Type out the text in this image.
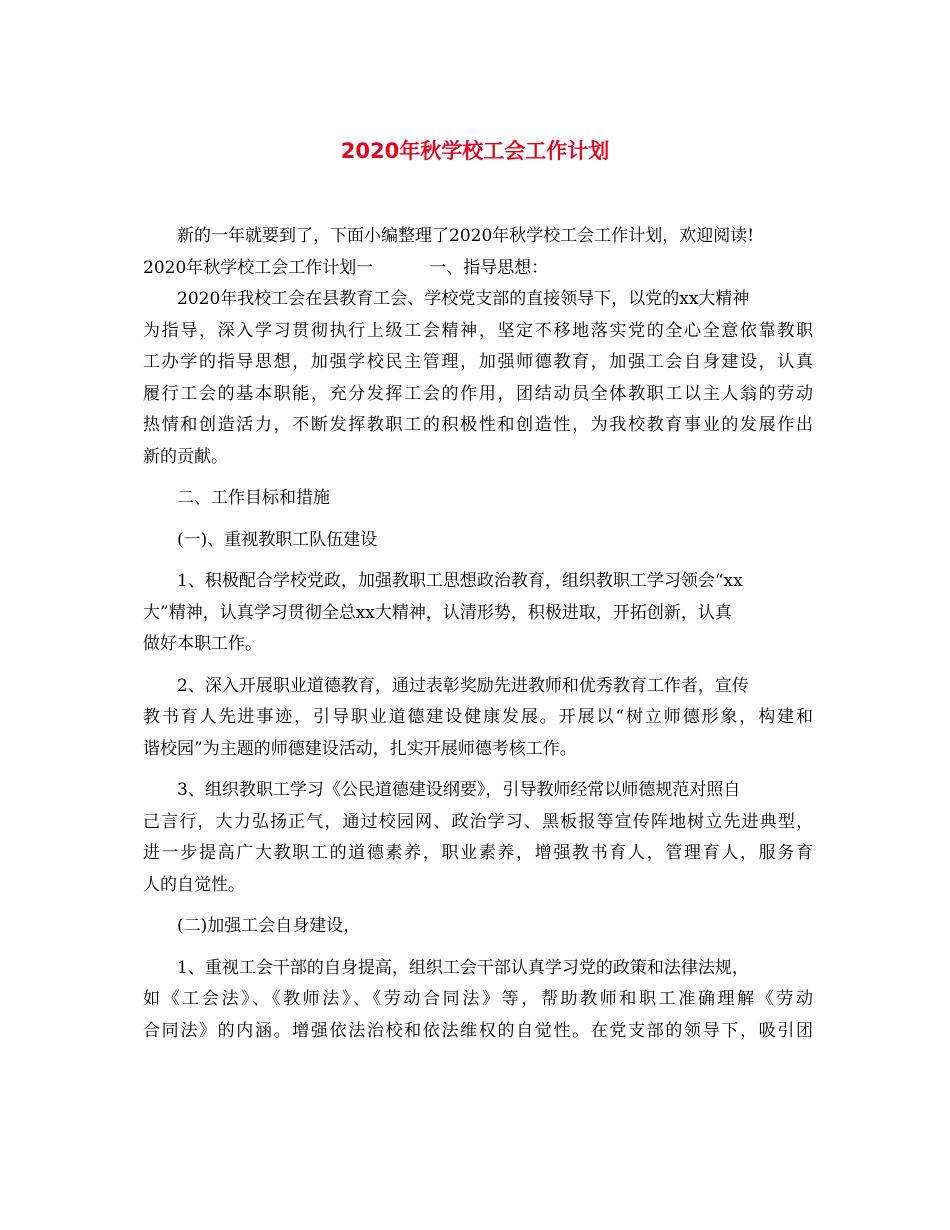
2020年秋学校工会工作计划
新的一年就要到了，下面小编整理了2020年秋学校工会工作计划，欢迎阅读!
2020年秋学校工会工作计划一	一、指导思想：
2020年我校工会在县教育工会、学校党支部的直接领导下，以党的xx大精神
为指导，深入学习贯彻执行上级工会精神，坚定不移地落实党的全心全意依靠教职
工办学的指导思想，加强学校民主管理，加强师德教育，加强工会自身建设，认真
履行工会的基本职能，充分发挥工会的作用，团结动员全体教职工以主人翁的劳动
热情和创造活力，不断发挥教职工的积极性和创造性，为我校教育事业的发展作出
新的贡献。
二、工作目标和措施
(一)、重视教职工队伍建设
1、积极配合学校党政，加强教职工思想政治教育，组织教职工学习领会“xx
大”精神，认真学习贯彻全总xx大精神，认清形势，积极进取，开拓创新，认真
做好本职工作。
2、深入开展职业道德教育，通过表彰奖励先进教师和优秀教育工作者，宣传
教书育人先进事迹，引导职业道德建设健康发展。开展以“树立师德形象，构建和
谐校园”为主题的师德建设活动，扎实开展师德考核工作。
3、组织教职工学习《公民道德建设纲要》，引导教师经常以师德规范对照自
己言行，大力弘扬正气，通过校园网、政治学习、黑板报等宣传阵地树立先进典型，
进一步提高广大教职工的道德素养，职业素养，增强教书育人，管理育人，服务育
人的自觉性。
(二)加强工会自身建设，
1、重视工会干部的自身提高，组织工会干部认真学习党的政策和法律法规，
如《工会法》、《教师法》、《劳动合同法》等，帮助教师和职工准确理解《劳动
合同法》的内涵。增强依法治校和依法维权的自觉性。在党支部的领导下，吸引团
